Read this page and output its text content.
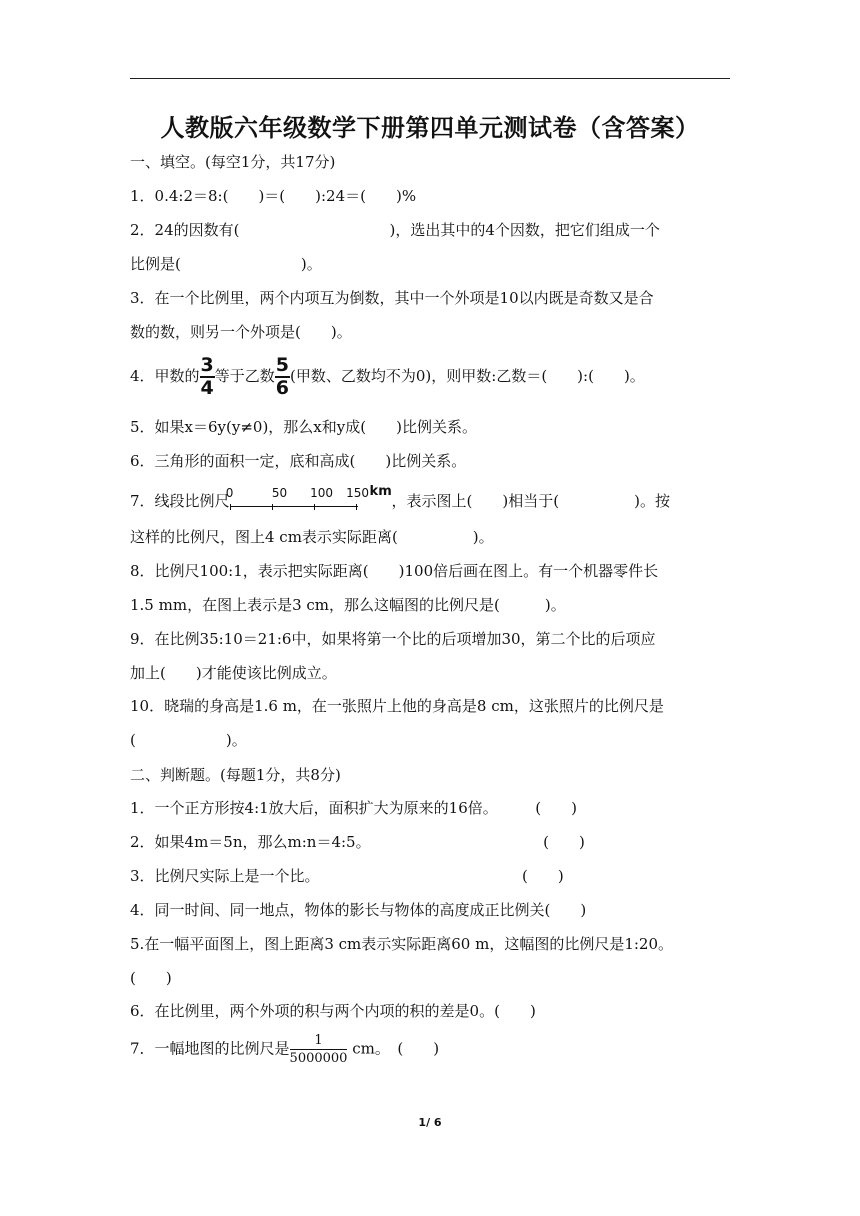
人教版六年级数学下册第四单元测试卷（含答案）
一、填空。(每空1分，共17分)
1．0.4:2＝8:(　　)＝(　　):24＝(　　)%
2．24的因数有(　　　　　　　　　　)，选出其中的4个因数，把它们组成一个
比例是(　　　　　　　　)。
3．在一个比例里，两个内项互为倒数，其中一个外项是10以内既是奇数又是合
数的数，则另一个外项是(　　)。
4．甲数的 $\frac{3}{4}$ 等于乙数 $\frac{5}{6}$ (甲数、乙数均不为0)，则甲数:乙数＝(　　):(　　)。
5．如果x＝6y(y≠0)，那么x和y成(　　)比例关系。
6．三角形的面积一定，底和高成(　　)比例关系。
7．线段比例尺
0	50 100 150 km
，表示图上(　　)相当于(　　　　　)。按
这样的比例尺，图上4 cm表示实际距离(　　　　　)。
8．比例尺100:1，表示把实际距离(　　)100倍后画在图上。有一个机器零件长
1.5 mm，在图上表示是3 cm，那么这幅图的比例尺是(　　　)。
9．在比例35:10＝21:6中，如果将第一个比的后项增加30，第二个比的后项应
加上(　　)才能使该比例成立。
10．晓瑞的身高是1.6 m，在一张照片上他的身高是8 cm，这张照片的比例尺是
(　　　　　　)。
二、判断题。(每题1分，共8分)
1．一个正方形按4:1放大后，面积扩大为原来的16倍。　　　(　　)
2．如果4m＝5n，那么m:n＝4:5。　　　　　　　　　　　　(　　)
3．比例尺实际上是一个比。　　　　　　　　　　　　　　(　　)
4．同一时间、同一地点，物体的影长与物体的高度成正比例关(　　)
5.在一幅平面图上，图上距离3 cm表示实际距离60 m，这幅图的比例尺是1:20。
(　　)
6．在比例里，两个外项的积与两个内项的积的差是0。(　　)
7．一幅地图的比例尺是 $\frac{1}{5000000}$ cm。　(　　)
1/ 6
